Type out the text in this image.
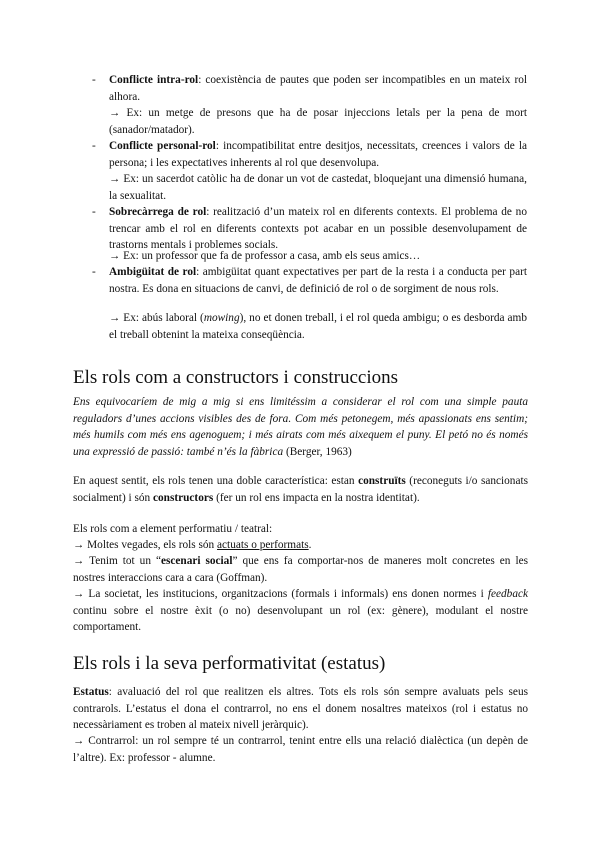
- Conflicte intra-rol: coexistència de pautes que poden ser incompatibles en un mateix rol alhora.

→ Ex: un metge de presons que ha de posar injeccions letals per la pena de mort (sanador/matador).

- Conflicte personal-rol: incompatibilitat entre desitjos, necessitats, creences i valors de la persona; i les expectatives inherents al rol que desenvolupa.

→ Ex: un sacerdot catòlic ha de donar un vot de castedat, bloquejant una dimensió humana, la sexualitat.

- Sobrecàrrega de rol: realització d’un mateix rol en diferents contexts. El problema de no trencar amb el rol en diferents contexts pot acabar en un possible desenvolupament de trastorns mentals i problemes socials.

→ Ex: un professor que fa de professor a casa, amb els seus amics…

- Ambigüitat de rol: ambigüitat quant expectatives per part de la resta i a conducta per part nostra. Es dona en situacions de canvi, de definició de rol o de sorgiment de nous rols.

→ Ex: abús laboral (mowing), no et donen treball, i el rol queda ambigu; o es desborda amb el treball obtenint la mateixa conseqüència.

Els rols com a constructors i construccions

Ens equivocaríem de mig a mig si ens limitéssim a considerar el rol com una simple pauta reguladors d’unes accions visibles des de fora. Com més petonegem, més apassionats ens sentim; més humils com més ens agenoguem; i més airats com més aixequem el puny. El petó no és només una expressió de passió: també n’és la fàbrica (Berger, 1963)

En aquest sentit, els rols tenen una doble característica: estan construïts (reconeguts i/o sancionats socialment) i són constructors (fer un rol ens impacta en la nostra identitat).

Els rols com a element performatiu / teatral:

→ Moltes vegades, els rols són actuats o performats.

→ Tenim tot un “escenari social” que ens fa comportar-nos de maneres molt concretes en les nostres interaccions cara a cara (Goffman).

→ La societat, les institucions, organitzacions (formals i informals) ens donen normes i feedback continu sobre el nostre èxit (o no) desenvolupant un rol (ex: gènere), modulant el nostre comportament.

Els rols i la seva performativitat (estatus)

Estatus: avaluació del rol que realitzen els altres. Tots els rols són sempre avaluats pels seus contrarols. L’estatus el dona el contrarrol, no ens el donem nosaltres mateixos (rol i estatus no necessàriament es troben al mateix nivell jeràrquic).

→ Contrarrol: un rol sempre té un contrarrol, tenint entre ells una relació dialèctica (un depèn de l’altre). Ex: professor - alumne.
